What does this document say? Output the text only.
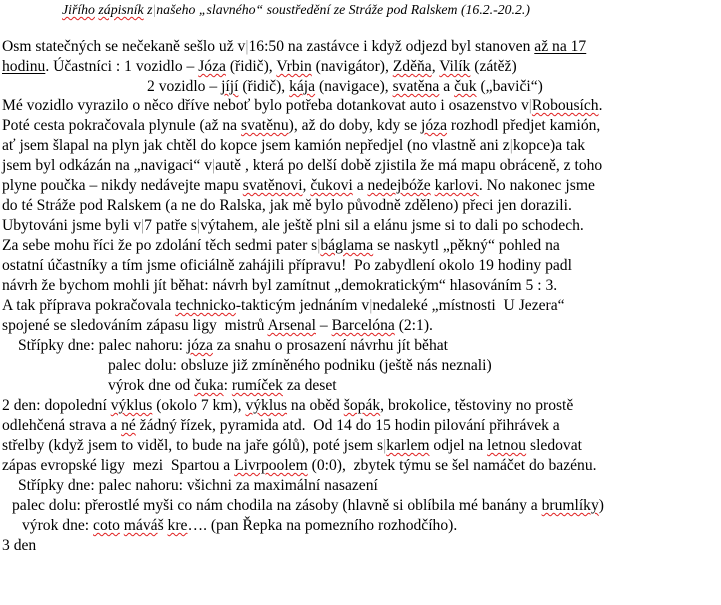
Jiřího zápisník z|našeho „slavného“ soustředění ze Stráže pod Ralskem (16.2.-20.2.)
Osm statečných se nečekaně sešlo už v|16:50 na zastávce i když odjezd byl stanoven až na 17
hodinu. Účastníci : 1 vozidlo – Józa (řidič), Vrbin (navigátor), Zděňa, Vilík (zátěž)
2 vozidlo – jíjí (řidič), kája (navigace), svatěna a čuk („baviči“)
Mé vozidlo vyrazilo o něco dříve neboť bylo potřeba dotankovat auto i osazenstvo v|Robousích.
Poté cesta pokračovala plynule (až na svatěnu), až do doby, kdy se józa rozhodl předjet kamión,
ať jsem šlapal na plyn jak chtěl do kopce jsem kamión nepředjel (no vlastně ani z|kopce)a tak
jsem byl odkázán na „navigaci“ v|autě , která po delší době zjistila že má mapu obráceně, z toho
plyne poučka – nikdy nedávejte mapu svatěnovi, čukovi a nedejbóže karlovi. No nakonec jsme
do té Stráže pod Ralskem (a ne do Ralska, jak mě bylo původně zděleno) přeci jen dorazili.
Ubytováni jsme byli v|7 patře s|výtahem, ale ještě plni sil a elánu jsme si to dali po schodech.
Za sebe mohu říci že po zdolání těch sedmi pater s|báglama se naskytl „pěkný“ pohled na
ostatní účastníky a tím jsme oficiálně zahájili přípravu!  Po zabydlení okolo 19 hodiny padl
návrh že bychom mohli jít běhat: návrh byl zamítnut „demokratickým“ hlasováním 5 : 3.
A tak příprava pokračovala technicko-takticým jednáním v|nedaleké „místnosti  U Jezera“
spojené se sledováním zápasu ligy  mistrů Arsenal – Barcelóna (2:1).
Střípky dne: palec nahoru: józa za snahu o prosazení návrhu jít běhat
palec dolu: obsluze již zmíněného podniku (ještě nás neznali)
výrok dne od čuka: rumíček za deset
2 den: dopolední výklus (okolo 7 km), výklus na oběd šopák, brokolice, těstoviny no prostě
odlehčená strava a né žádný řízek, pyramida atd.  Od 14 do 15 hodin pilování přihrávek a
střelby (když jsem to viděl, to bude na jaře gólů), poté jsem s|karlem odjel na letnou sledovat
zápas evropské ligy  mezi  Spartou a Livrpoolem (0:0),  zbytek týmu se šel namáčet do bazénu.
Střípky dne: palec nahoru: všichni za maximální nasazení
palec dolu: přerostlé myši co nám chodila na zásoby (hlavně si oblíbila mé banány a brumlíky)
výrok dne: coto máváš kre…. (pan Řepka na pomezního rozhodčího).
3 den
